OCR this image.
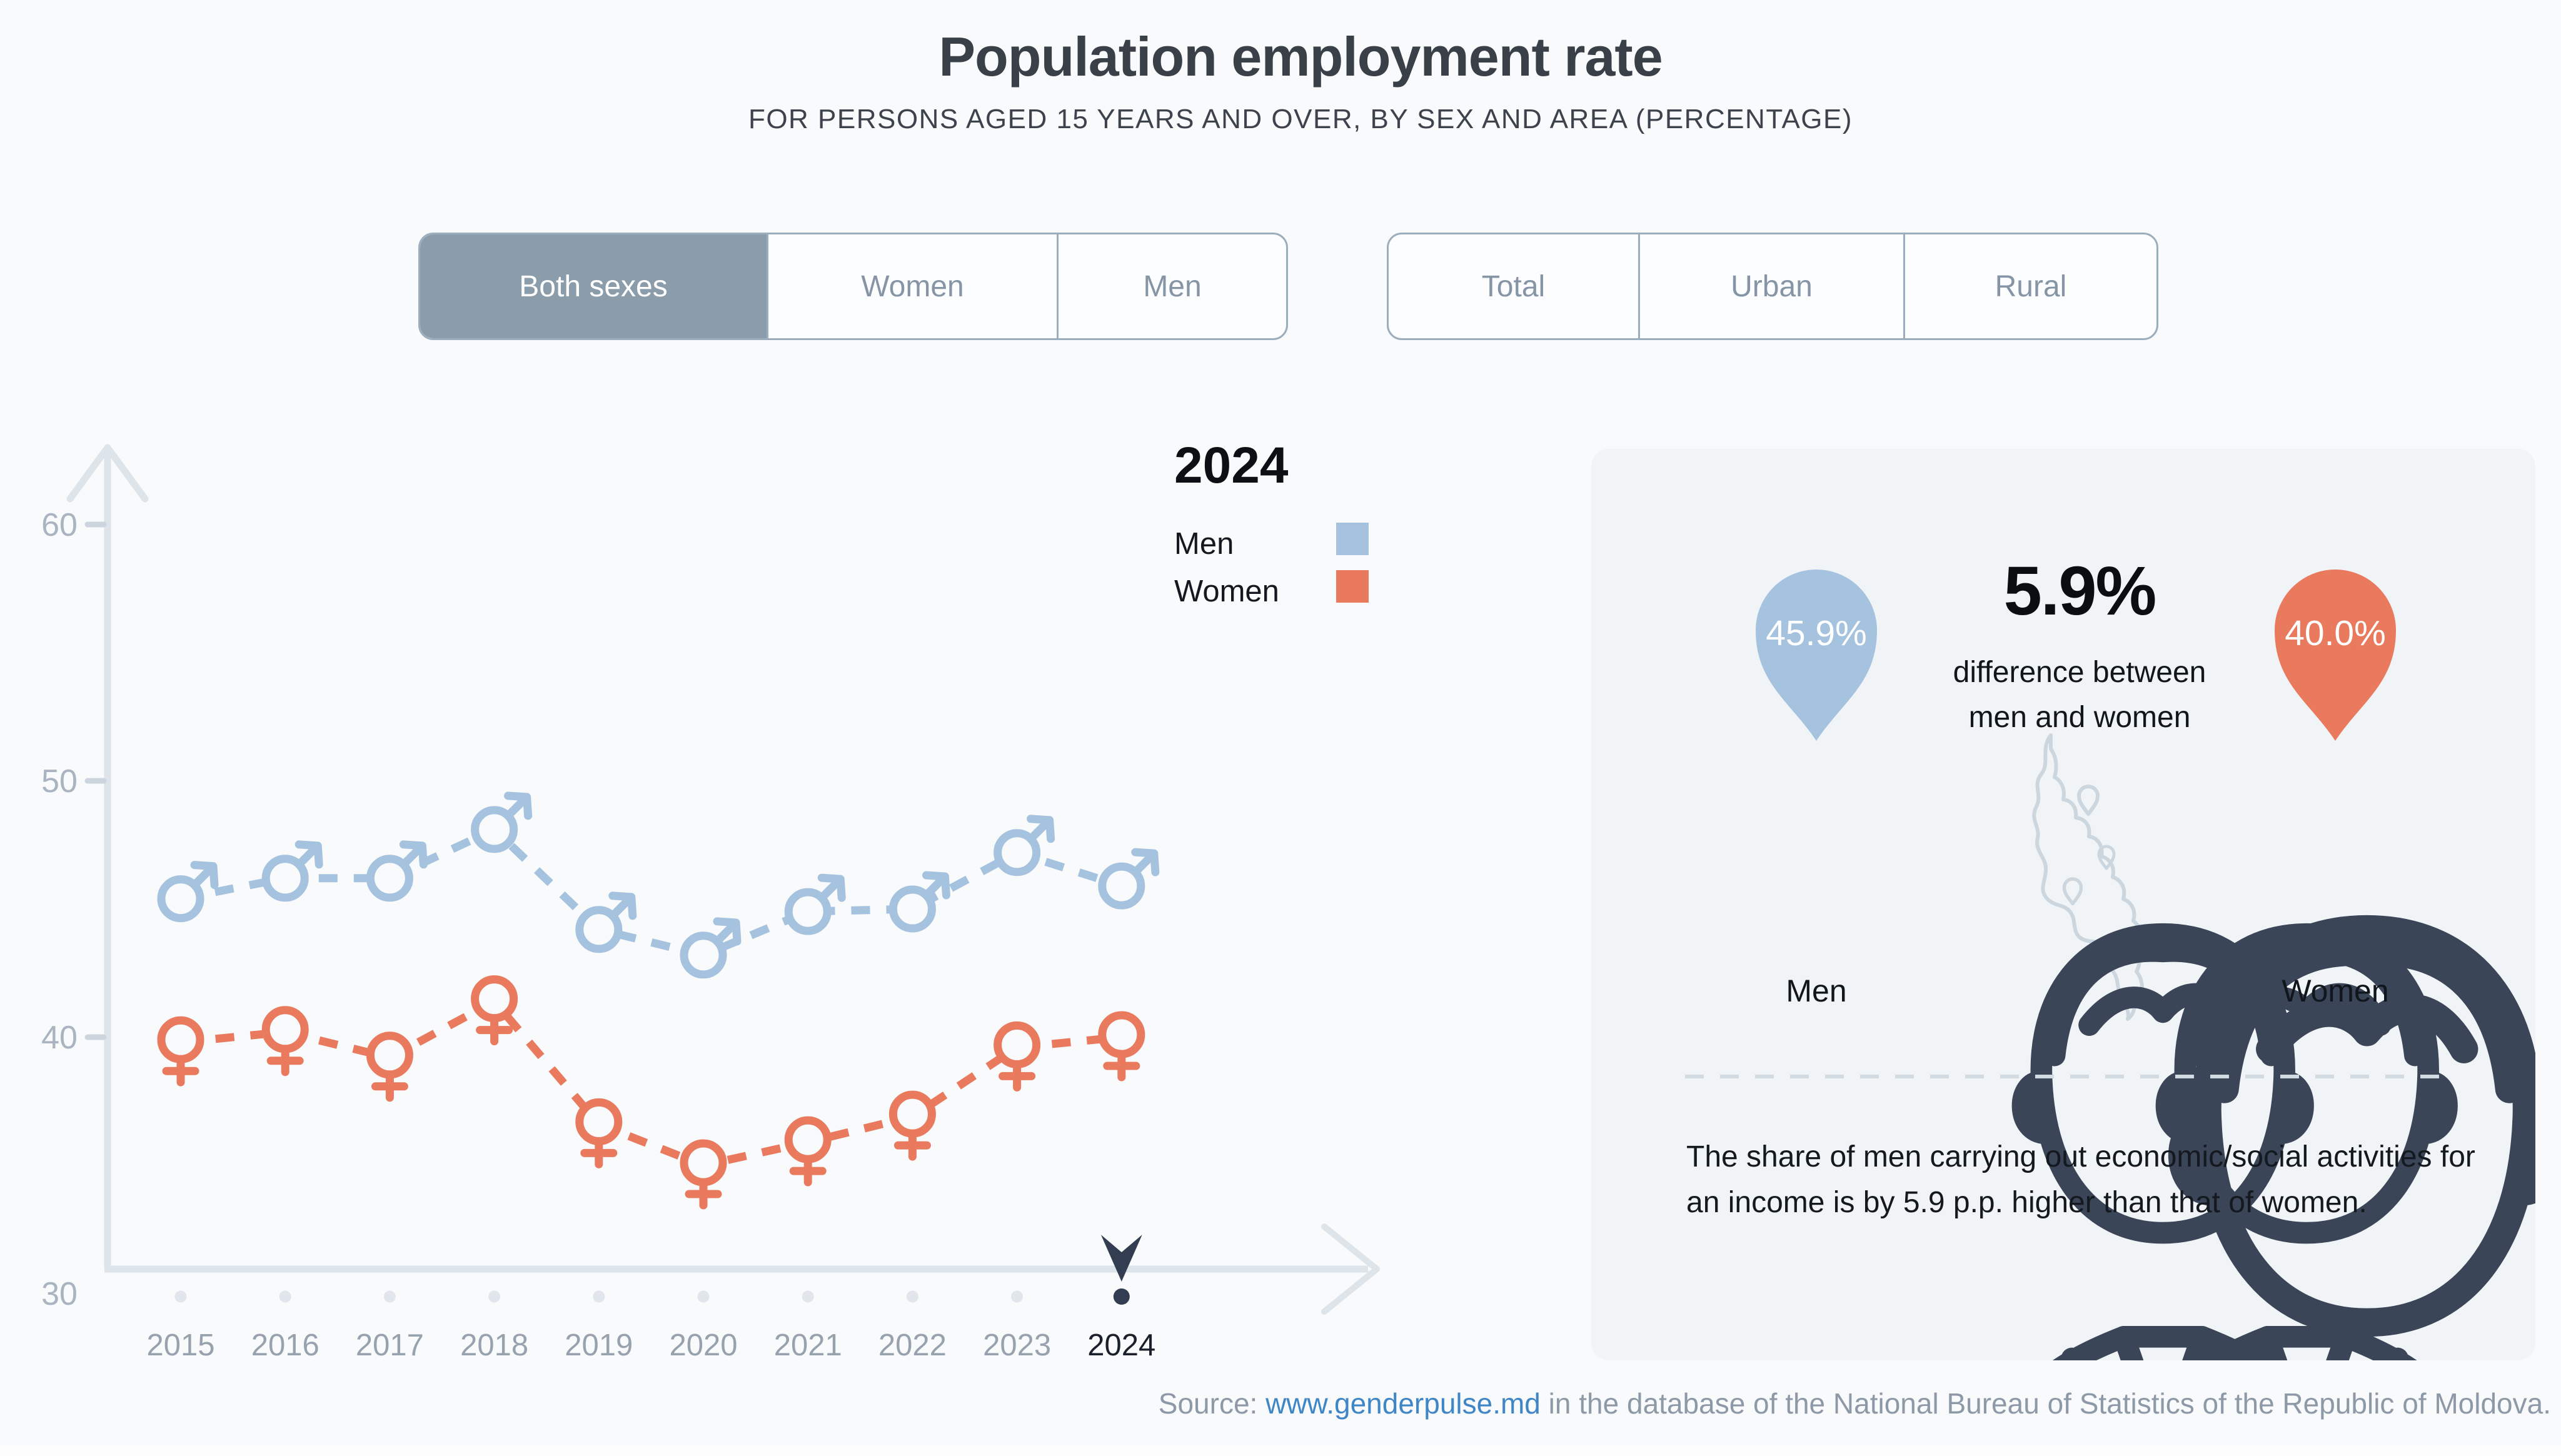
Population employment rate
FOR PERSONS AGED 15 YEARS AND OVER, BY SEX AND AREA (PERCENTAGE)
Both sexes	Women	Men	Total	Urban	Rural
2024
Men
Women
30
40
50
60
2015 2016 2017 2018 2019 2020 2021 2022 2023 2024
45.9%	40.0%
5.9%
difference between
men and women
Men	Women
The share of men carrying out economic/social activities for an income is by 5.9 p.p. higher than that of women.
Source: www.genderpulse.md in the database of the National Bureau of Statistics of the Republic of Moldova.
